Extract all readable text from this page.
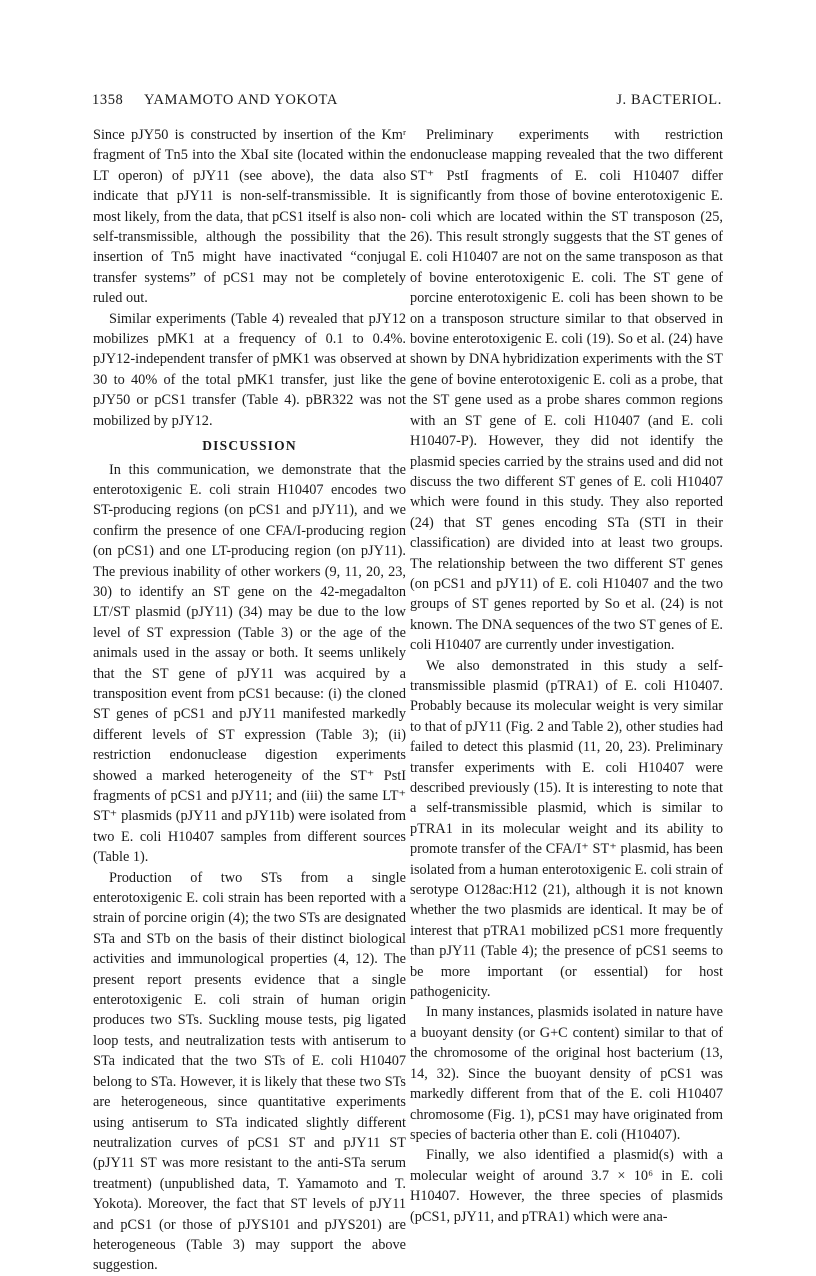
1358 YAMAMOTO AND YOKOTA	J. BACTERIOL.

Since pJY50 is constructed by insertion of the Kmʳ fragment of Tn5 into the XbaI site (located within the LT operon) of pJY11 (see above), the data also indicate that pJY11 is non-self-transmissible. It is most likely, from the data, that pCS1 itself is also non-self-transmissible, although the possibility that the insertion of Tn5 might have inactivated “conjugal transfer systems” of pCS1 may not be completely ruled out.

Similar experiments (Table 4) revealed that pJY12 mobilizes pMK1 at a frequency of 0.1 to 0.4%. pJY12-independent transfer of pMK1 was observed at 30 to 40% of the total pMK1 transfer, just like the pJY50 or pCS1 transfer (Table 4). pBR322 was not mobilized by pJY12.

DISCUSSION

In this communication, we demonstrate that the enterotoxigenic E. coli strain H10407 encodes two ST-producing regions (on pCS1 and pJY11), and we confirm the presence of one CFA/I-producing region (on pCS1) and one LT-producing region (on pJY11). The previous inability of other workers (9, 11, 20, 23, 30) to identify an ST gene on the 42-megadalton LT/ST plasmid (pJY11) (34) may be due to the low level of ST expression (Table 3) or the age of the animals used in the assay or both. It seems unlikely that the ST gene of pJY11 was acquired by a transposition event from pCS1 because: (i) the cloned ST genes of pCS1 and pJY11 manifested markedly different levels of ST expression (Table 3); (ii) restriction endonuclease digestion experiments showed a marked heterogeneity of the ST⁺ PstI fragments of pCS1 and pJY11; and (iii) the same LT⁺ ST⁺ plasmids (pJY11 and pJY11b) were isolated from two E. coli H10407 samples from different sources (Table 1).

Production of two STs from a single enterotoxigenic E. coli strain has been reported with a strain of porcine origin (4); the two STs are designated STa and STb on the basis of their distinct biological activities and immunological properties (4, 12). The present report presents evidence that a single enterotoxigenic E. coli strain of human origin produces two STs. Suckling mouse tests, pig ligated loop tests, and neutralization tests with antiserum to STa indicated that the two STs of E. coli H10407 belong to STa. However, it is likely that these two STs are heterogeneous, since quantitative experiments using antiserum to STa indicated slightly different neutralization curves of pCS1 ST and pJY11 ST (pJY11 ST was more resistant to the anti-STa serum treatment) (unpublished data, T. Yamamoto and T. Yokota). Moreover, the fact that ST levels of pJY11 and pCS1 (or those of pJYS101 and pJYS201) are heterogeneous (Table 3) may support the above suggestion.

Preliminary experiments with restriction endonuclease mapping revealed that the two different ST⁺ PstI fragments of E. coli H10407 differ significantly from those of bovine enterotoxigenic E. coli which are located within the ST transposon (25, 26). This result strongly suggests that the ST genes of E. coli H10407 are not on the same transposon as that of bovine enterotoxigenic E. coli. The ST gene of porcine enterotoxigenic E. coli has been shown to be on a transposon structure similar to that observed in bovine enterotoxigenic E. coli (19). So et al. (24) have shown by DNA hybridization experiments with the ST gene of bovine enterotoxigenic E. coli as a probe, that the ST gene used as a probe shares common regions with an ST gene of E. coli H10407 (and E. coli H10407-P). However, they did not identify the plasmid species carried by the strains used and did not discuss the two different ST genes of E. coli H10407 which were found in this study. They also reported (24) that ST genes encoding STa (STI in their classification) are divided into at least two groups. The relationship between the two different ST genes (on pCS1 and pJY11) of E. coli H10407 and the two groups of ST genes reported by So et al. (24) is not known. The DNA sequences of the two ST genes of E. coli H10407 are currently under investigation.

We also demonstrated in this study a self-transmissible plasmid (pTRA1) of E. coli H10407. Probably because its molecular weight is very similar to that of pJY11 (Fig. 2 and Table 2), other studies had failed to detect this plasmid (11, 20, 23). Preliminary transfer experiments with E. coli H10407 were described previously (15). It is interesting to note that a self-transmissible plasmid, which is similar to pTRA1 in its molecular weight and its ability to promote transfer of the CFA/I⁺ ST⁺ plasmid, has been isolated from a human enterotoxigenic E. coli strain of serotype O128ac:H12 (21), although it is not known whether the two plasmids are identical. It may be of interest that pTRA1 mobilized pCS1 more frequently than pJY11 (Table 4); the presence of pCS1 seems to be more important (or essential) for host pathogenicity.

In many instances, plasmids isolated in nature have a buoyant density (or G+C content) similar to that of the chromosome of the original host bacterium (13, 14, 32). Since the buoyant density of pCS1 was markedly different from that of the E. coli H10407 chromosome (Fig. 1), pCS1 may have originated from species of bacteria other than E. coli (H10407).

Finally, we also identified a plasmid(s) with a molecular weight of around 3.7 × 10⁶ in E. coli H10407. However, the three species of plasmids (pCS1, pJY11, and pTRA1) which were ana-
